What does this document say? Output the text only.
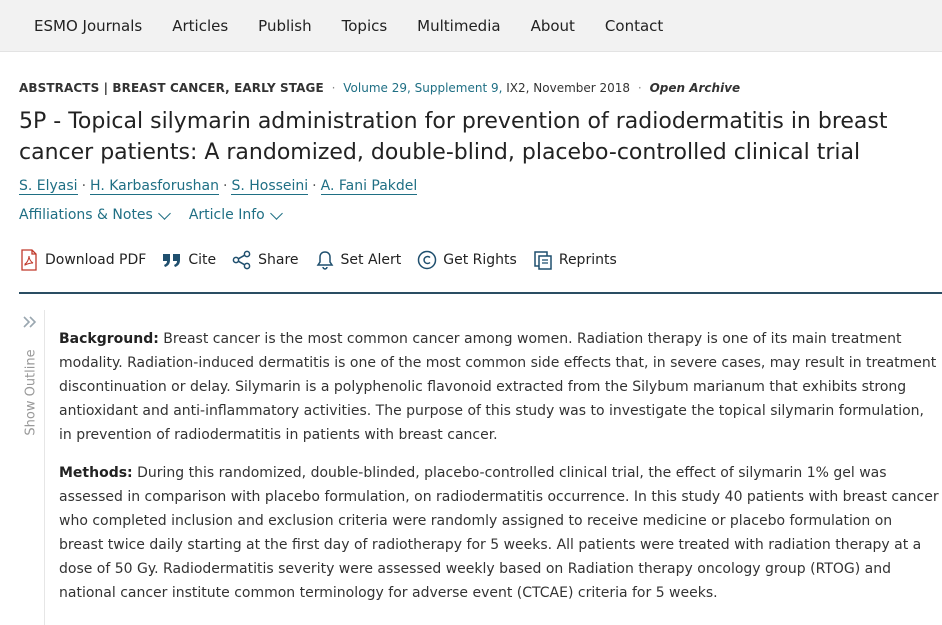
ESMO Journals Articles Publish Topics Multimedia About Contact
ABSTRACTS | BREAST CANCER, EARLY STAGE · Volume 29, Supplement 9, IX2, November 2018 · Open Archive
5P - Topical silymarin administration for prevention of radiodermatitis in breast cancer patients: A randomized, double-blind, placebo-controlled clinical trial
S. Elyasi · H. Karbasforushan · S. Hosseini · A. Fani Pakdel
Affiliations & Notes	Article Info
Download PDF	Cite	Share	Set Alert	Get Rights	Reprints
Show Outline

Background: Breast cancer is the most common cancer among women. Radiation therapy is one of its main treatment modality. Radiation-induced dermatitis is one of the most common side effects that, in severe cases, may result in treatment discontinuation or delay. Silymarin is a polyphenolic flavonoid extracted from the Silybum marianum that exhibits strong antioxidant and anti-inflammatory activities. The purpose of this study was to investigate the topical silymarin formulation, in prevention of radiodermatitis in patients with breast cancer.

Methods: During this randomized, double-blinded, placebo-controlled clinical trial, the effect of silymarin 1% gel was assessed in comparison with placebo formulation, on radiodermatitis occurrence. In this study 40 patients with breast cancer who completed inclusion and exclusion criteria were randomly assigned to receive medicine or placebo formulation on breast twice daily starting at the first day of radiotherapy for 5 weeks. All patients were treated with radiation therapy at a dose of 50 Gy. Radiodermatitis severity were assessed weekly based on Radiation therapy oncology group (RTOG) and national cancer institute common terminology for adverse event (CTCAE) criteria for 5 weeks.
